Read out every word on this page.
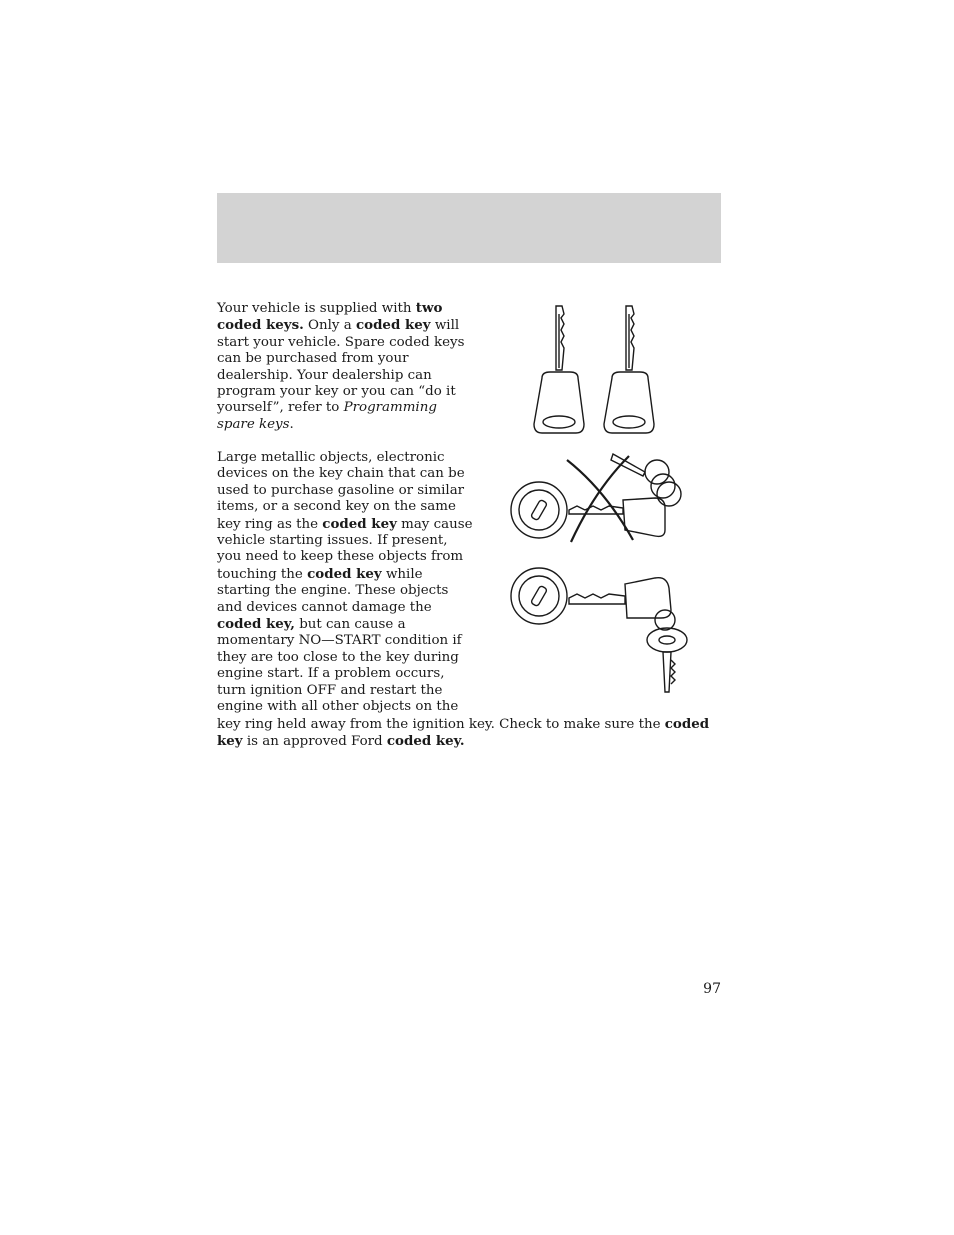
Your vehicle is supplied with two coded keys. Only a coded key will start your vehicle. Spare coded keys can be purchased from your dealership. Your dealership can program your key or you can “do it yourself”, refer to Programming spare keys.
Large metallic objects, electronic devices on the key chain that can be used to purchase gasoline or similar items, or a second key on the same key ring as the coded key may cause vehicle starting issues. If present, you need to keep these objects from touching the coded key while starting the engine. These objects and devices cannot damage the coded key, but can cause a momentary NO—START condition if they are too close to the key during engine start. If a problem occurs, turn ignition OFF and restart the engine with all other objects on the key ring held away from the ignition key. Check to make sure the coded key is an approved Ford coded key.
97
